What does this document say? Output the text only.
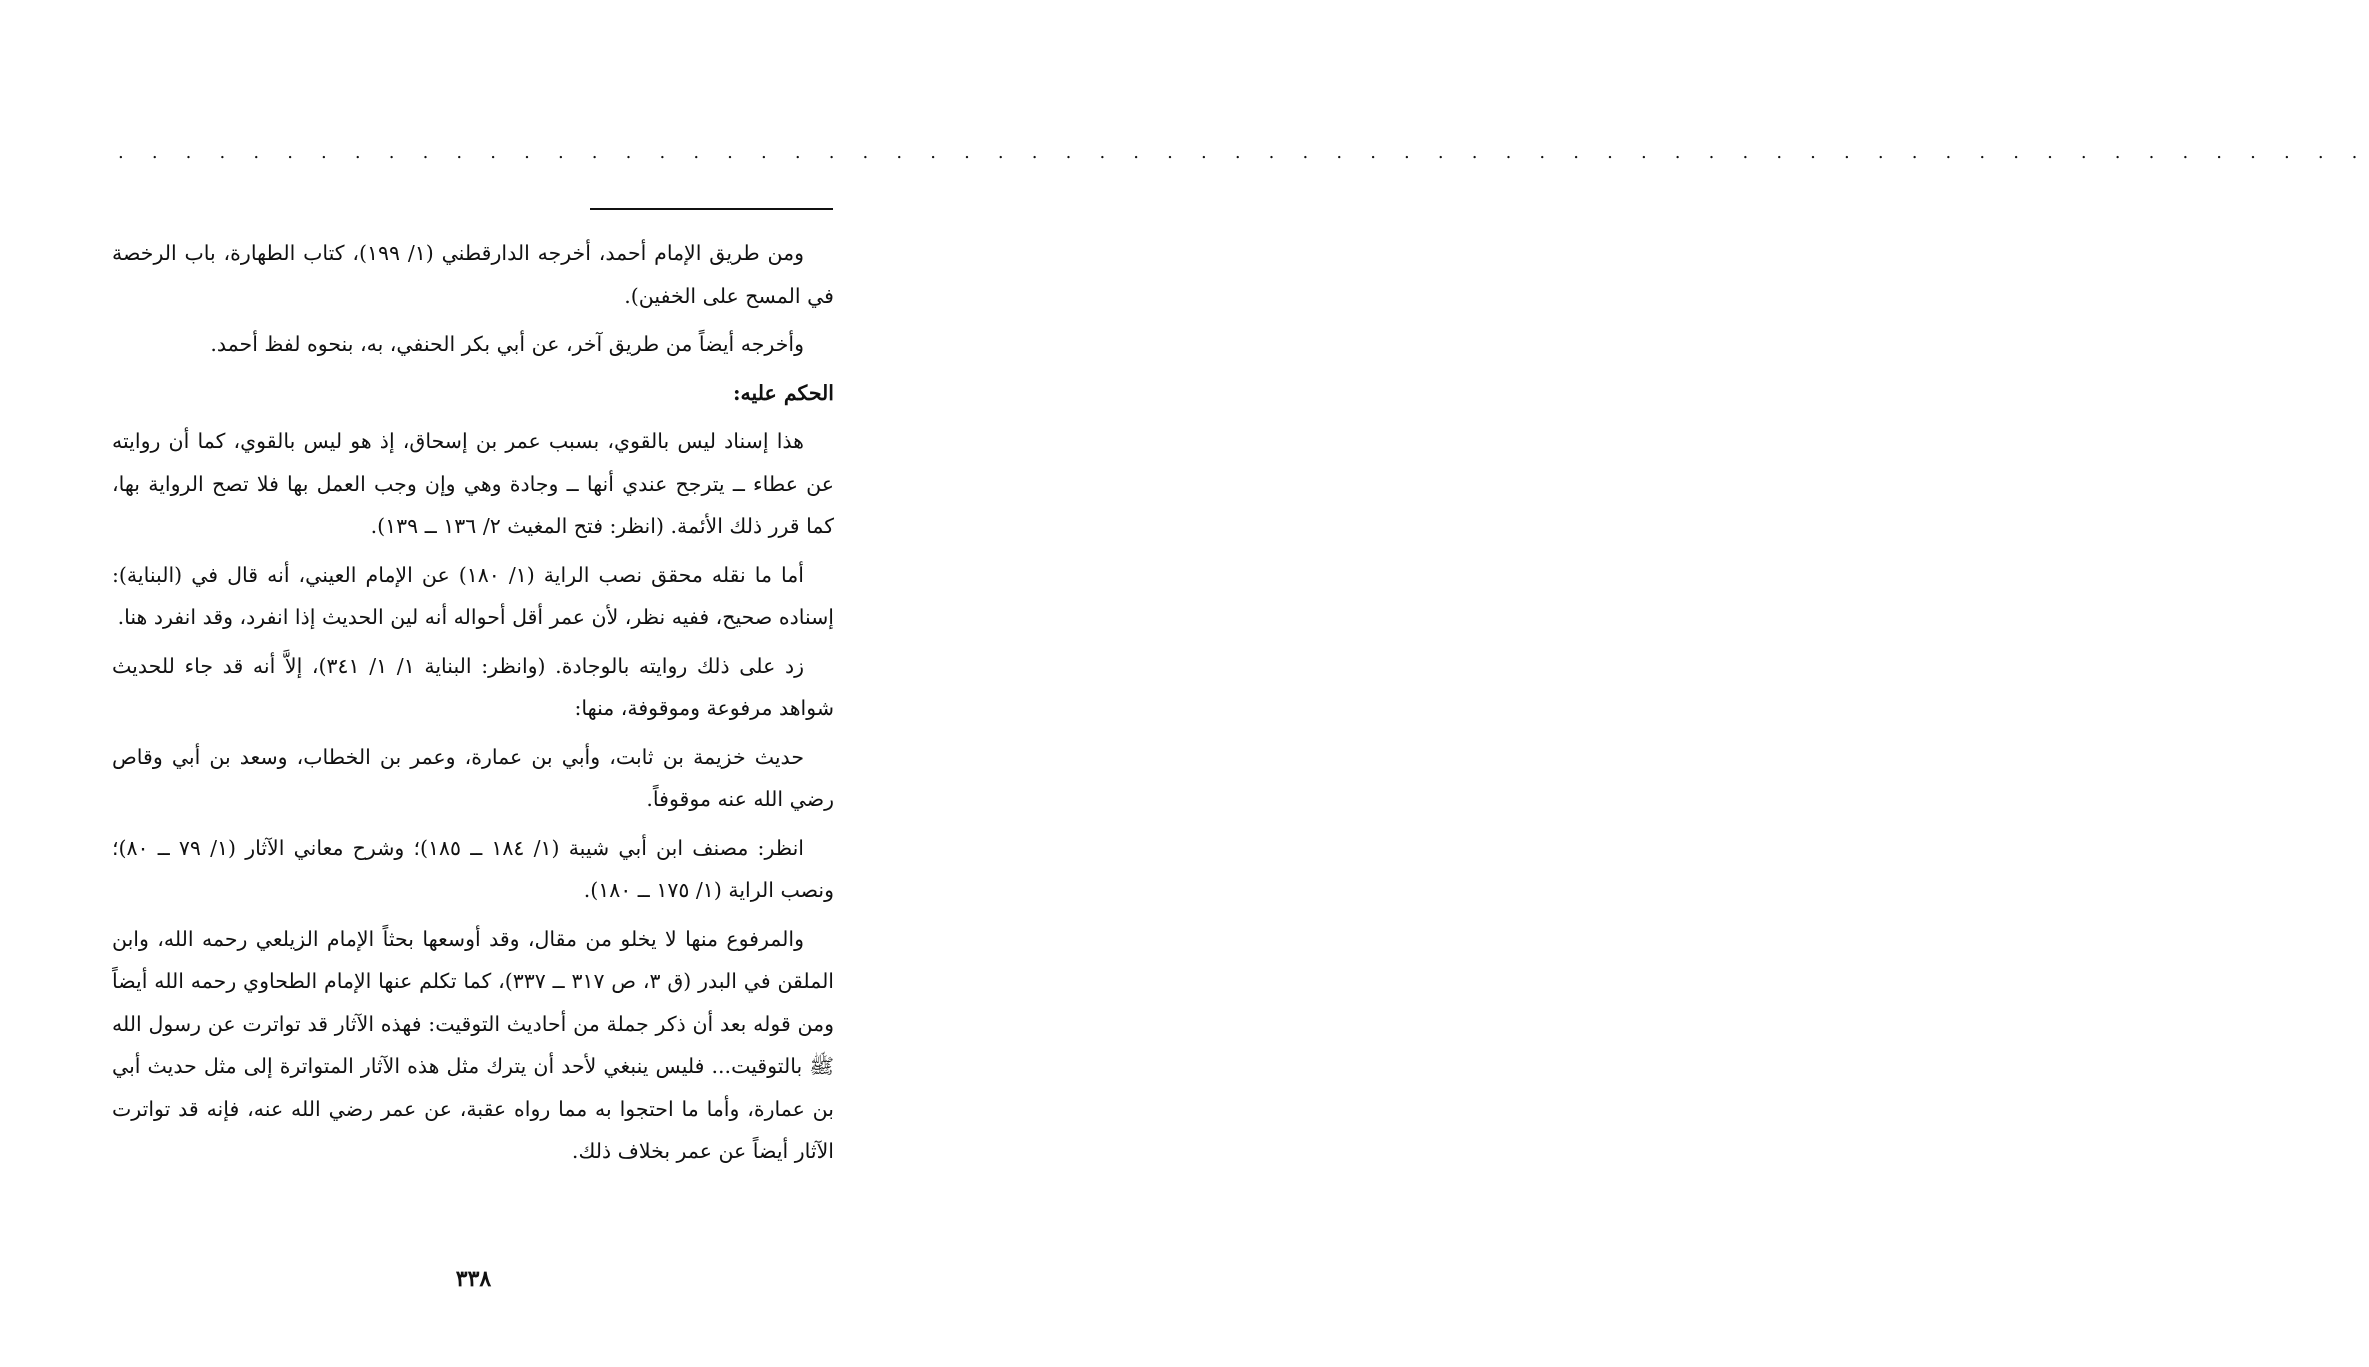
. . . . . . . . . . . . . . . . . . . . . . . . . . . . . . . . . . . . . . . . . . . . . . . . . . . . . . . . . . . . . . . . . . .

ومن طريق الإمام أحمد، أخرجه الدارقطني (١/ ١٩٩)، كتاب الطهارة، باب الرخصة في المسح على الخفين).

وأخرجه أيضاً من طريق آخر، عن أبي بكر الحنفي، به، بنحوه لفظ أحمد.

الحكم عليه:

هذا إسناد ليس بالقوي، بسبب عمر بن إسحاق، إذ هو ليس بالقوي، كما أن روايته عن عطاء ــ يترجح عندي أنها ــ وجادة وهي وإن وجب العمل بها فلا تصح الرواية بها، كما قرر ذلك الأئمة. (انظر: فتح المغيث ٢/ ١٣٦ ــ ١٣٩).

أما ما نقله محقق نصب الراية (١/ ١٨٠) عن الإمام العيني، أنه قال في (البناية): إسناده صحيح، ففيه نظر، لأن عمر أقل أحواله أنه لين الحديث إذا انفرد، وقد انفرد هنا.

زد على ذلك روايته بالوجادة. (وانظر: البناية ١/ ١/ ٣٤١)، إلاَّ أنه قد جاء للحديث شواهد مرفوعة وموقوفة، منها:

حديث خزيمة بن ثابت، وأبي بن عمارة، وعمر بن الخطاب، وسعد بن أبي وقاص رضي الله عنه موقوفاً.

انظر: مصنف ابن أبي شيبة (١/ ١٨٤ ــ ١٨٥)؛ وشرح معاني الآثار (١/ ٧٩ ــ ٨٠)؛ ونصب الراية (١/ ١٧٥ ــ ١٨٠).

والمرفوع منها لا يخلو من مقال، وقد أوسعها بحثاً الإمام الزيلعي رحمه الله، وابن الملقن في البدر (ق ٣، ص ٣١٧ ــ ٣٣٧)، كما تكلم عنها الإمام الطحاوي رحمه الله أيضاً ومن قوله بعد أن ذكر جملة من أحاديث التوقيت: فهذه الآثار قد تواترت عن رسول الله ﷺ بالتوقيت... فليس ينبغي لأحد أن يترك مثل هذه الآثار المتواترة إلى مثل حديث أبي بن عمارة، وأما ما احتجوا به مما رواه عقبة، عن عمر رضي الله عنه، فإنه قد تواترت الآثار أيضاً عن عمر بخلاف ذلك.

٣٣٨
